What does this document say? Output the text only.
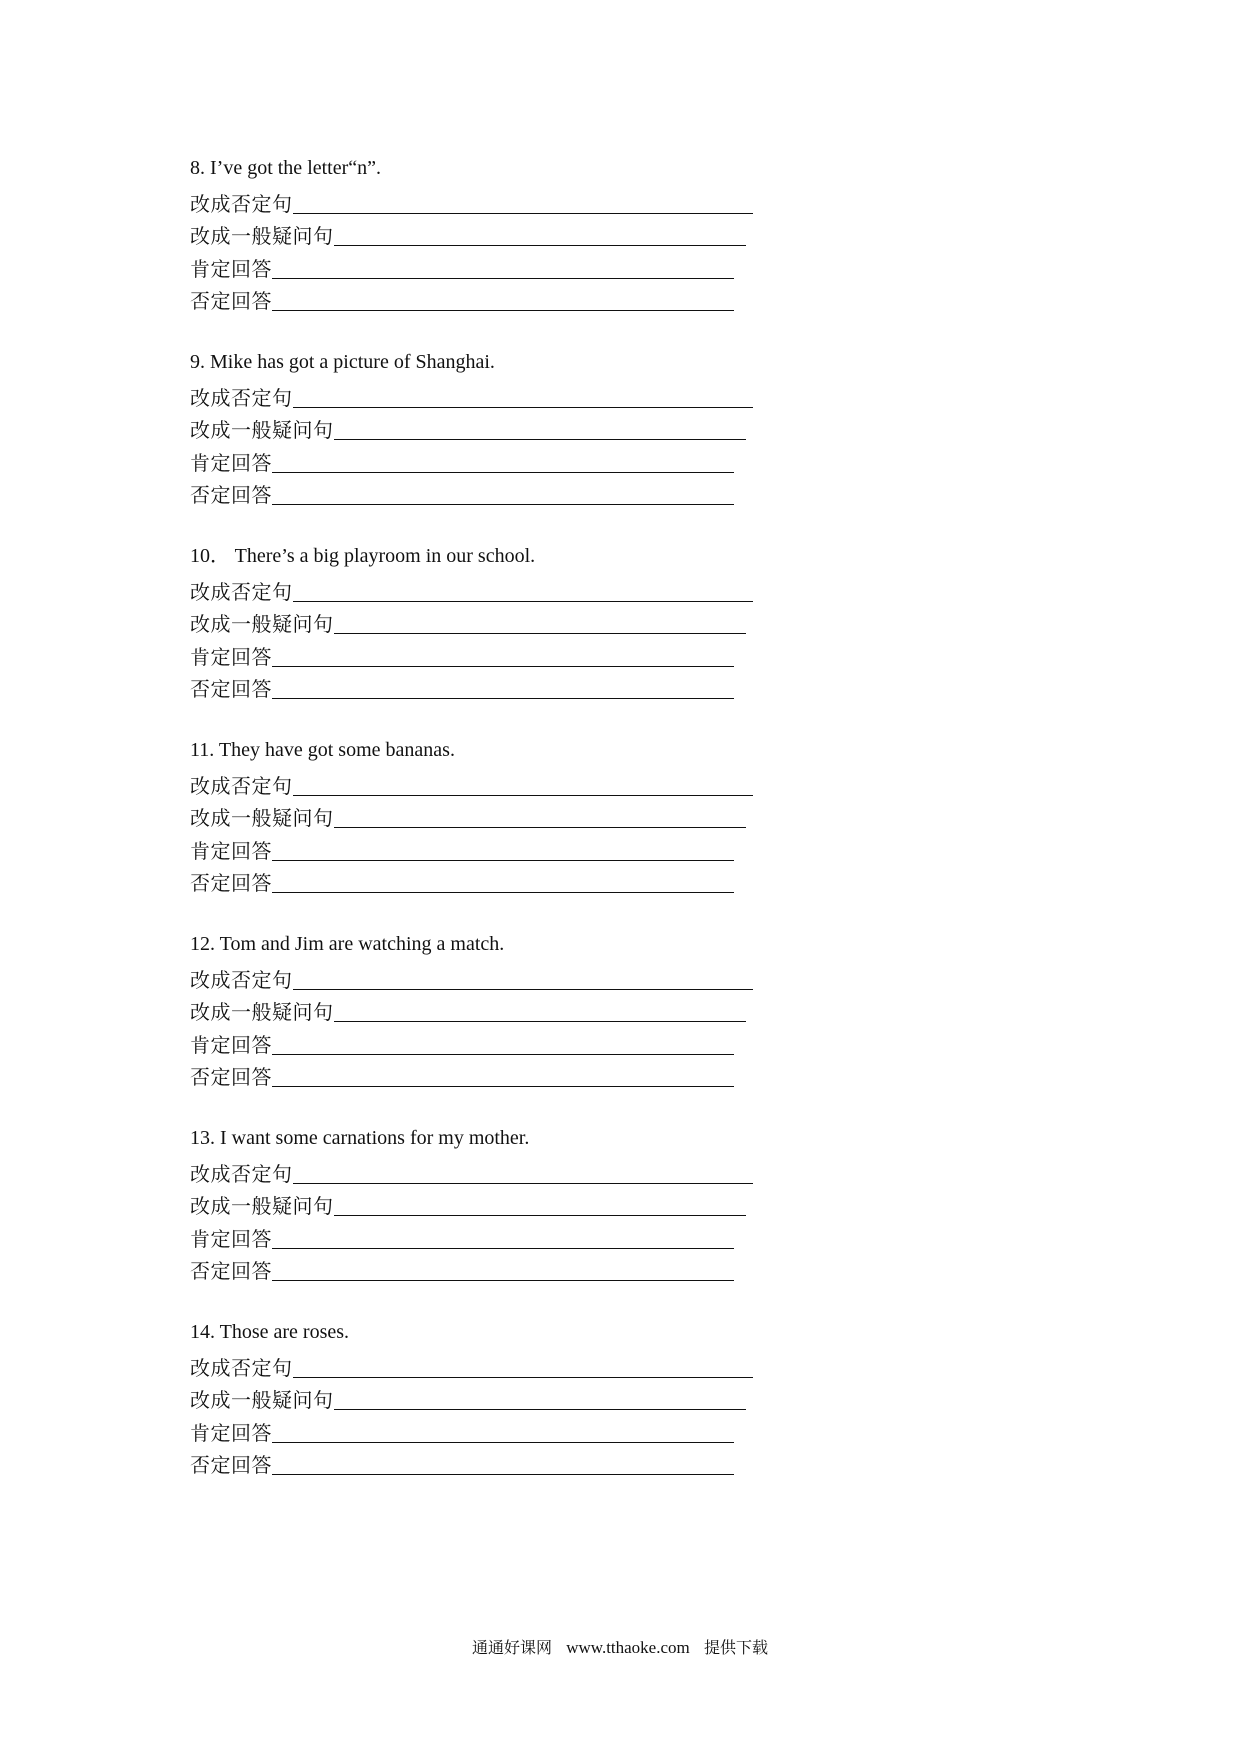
8. I’ve got the letter“n”.
改成否定句
改成一般疑问句
肯定回答
否定回答
9. Mike has got a picture of Shanghai.
改成否定句
改成一般疑问句
肯定回答
否定回答
10． There’s a big playroom in our school.
改成否定句
改成一般疑问句
肯定回答
否定回答
11. They have got some bananas.
改成否定句
改成一般疑问句
肯定回答
否定回答
12. Tom and Jim are watching a match.
改成否定句
改成一般疑问句
肯定回答
否定回答
13. I want some carnations for my mother.
改成否定句
改成一般疑问句
肯定回答
否定回答
14. Those are roses.
改成否定句
改成一般疑问句
肯定回答
否定回答
通通好课网 www.tthaoke.com 提供下载
